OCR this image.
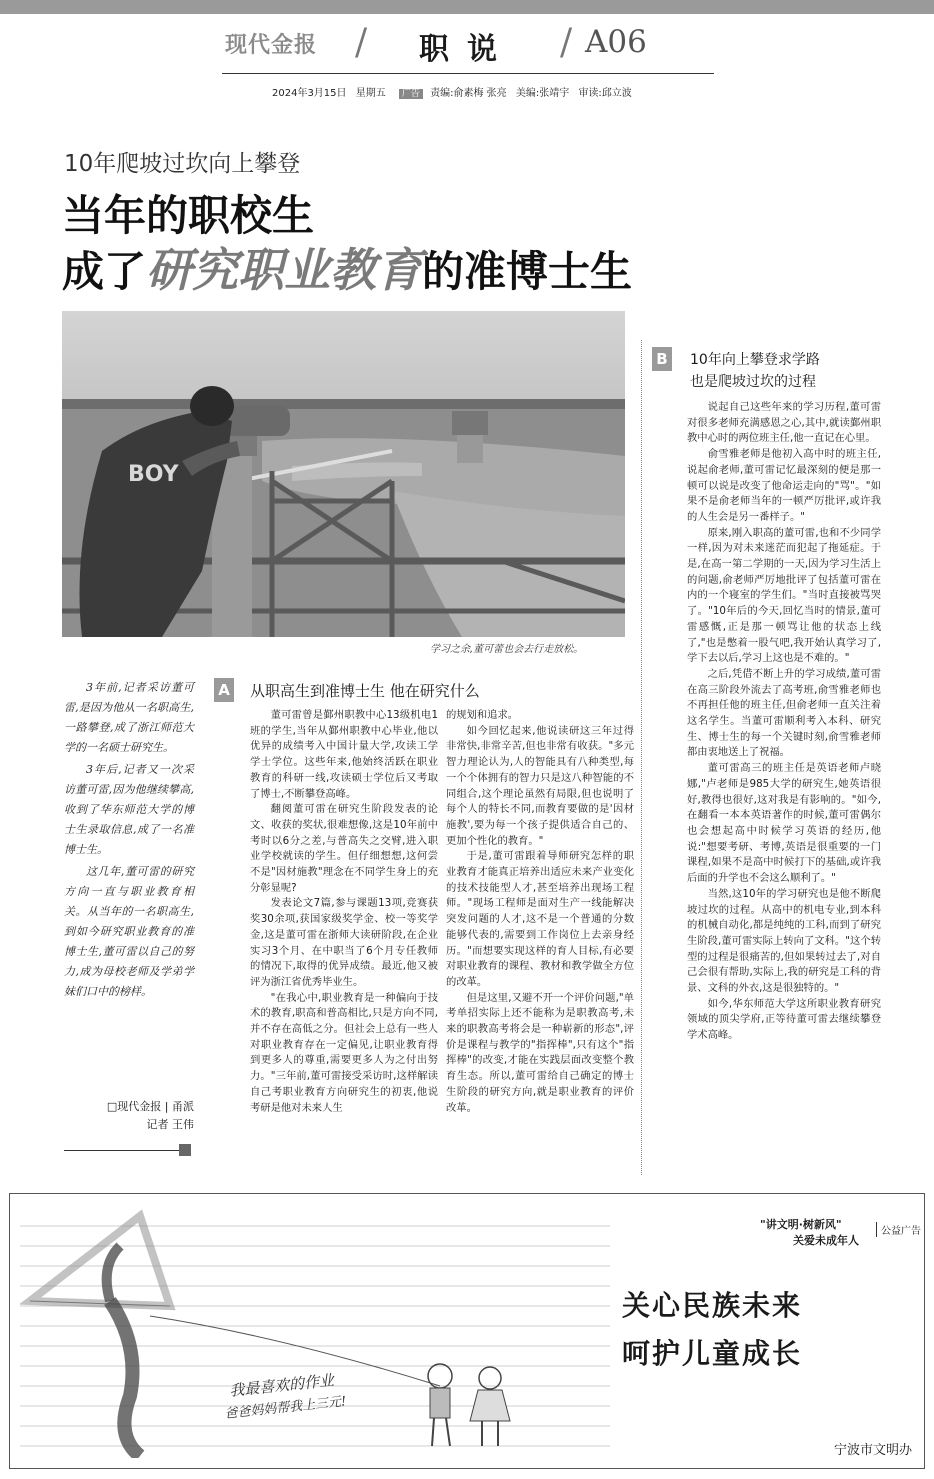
现代金报 / 职说 / A06
2024年3月15日 星期五 广告 责编:俞素梅 张亮 美编:张靖宇 审读:邱立波
10年爬坡过坎向上攀登
当年的职校生
成了研究职业教育的准博士生
BOY
学习之余,董可蕾也会去行走放松。
B	10年向上攀登求学路
也是爬坡过坎的过程

说起自己这些年来的学习历程,董可雷对很多老师充满感恩之心,其中,就读鄞州职教中心时的两位班主任,他一直记在心里。

俞雪雅老师是他初入高中时的班主任,说起俞老师,董可雷记忆最深刻的便是那一顿可以说是改变了他命运走向的"骂"。"如果不是俞老师当年的一顿严厉批评,或许我的人生会是另一番样子。"

原来,刚入职高的董可雷,也和不少同学一样,因为对未来迷茫而犯起了拖延症。于是,在高一第二学期的一天,因为学习生活上的问题,俞老师严厉地批评了包括董可雷在内的一个寝室的学生们。"当时直接被骂哭了。"10年后的今天,回忆当时的情景,董可雷感慨,正是那一顿骂让他的状态上线了,"也是憋着一股气吧,我开始认真学习了,学下去以后,学习上这也是不难的。"

之后,凭借不断上升的学习成绩,董可雷在高三阶段外流去了高考班,俞雪雅老师也不再担任他的班主任,但俞老师一直关注着这名学生。当董可雷顺利考入本科、研究生、博士生的每一个关键时刻,俞雪雅老师都由衷地送上了祝福。

董可雷高三的班主任是英语老师卢晓娜,"卢老师是985大学的研究生,她英语很好,教得也很好,这对我是有影响的。"如今,在翻看一本本英语著作的时候,董可雷偶尔也会想起高中时候学习英语的经历,他说:"想要考研、考博,英语是很重要的一门课程,如果不是高中时候打下的基础,或许我后面的升学也不会这么顺利了。"

当然,这10年的学习研究也是他不断爬坡过坎的过程。从高中的机电专业,到本科的机械自动化,都是纯纯的工科,而到了研究生阶段,董可雷实际上转向了文科。"这个转型的过程是很痛苦的,但如果转过去了,对自己会很有帮助,实际上,我的研究是工科的背景、文科的外衣,这是很独特的。"

如今,华东师范大学这所职业教育研究领域的顶尖学府,正等待董可雷去继续攀登学术高峰。

3年前,记者采访董可雷,是因为他从一名职高生,一路攀登,成了浙江师范大学的一名硕士研究生。

3年后,记者又一次采访董可雷,因为他继续攀高,收到了华东师范大学的博士生录取信息,成了一名准博士生。

这几年,董可雷的研究方向一直与职业教育相关。从当年的一名职高生,到如今研究职业教育的准博士生,董可雷以自己的努力,成为母校老师及学弟学妹们口中的榜样。

□现代金报 | 甬派
记者 王伟
A 从职高生到准博士生 他在研究什么

董可雷曾是鄞州职教中心13级机电1班的学生,当年从鄞州职教中心毕业,他以优异的成绩考入中国计量大学,攻读工学学士学位。这些年来,他始终活跃在职业教育的科研一线,攻读硕士学位后又考取了博士,不断攀登高峰。

翻阅董可雷在研究生阶段发表的论文、收获的奖状,很难想像,这是10年前中考时以6分之差,与普高失之交臂,进入职业学校就读的学生。但仔细想想,这何尝不是"因材施教"理念在不同学生身上的充分彰显呢?

发表论文7篇,参与课题13项,竞赛获奖30余项,获国家级奖学金、校一等奖学金,这是董可雷在浙师大读研阶段,在企业实习3个月、在中职当了6个月专任教师的情况下,取得的优异成绩。最近,他又被评为浙江省优秀毕业生。

"在我心中,职业教育是一种偏向于技术的教育,职高和普高相比,只是方向不同,并不存在高低之分。但社会上总有一些人对职业教育存在一定偏见,让职业教育得到更多人的尊重,需要更多人为之付出努力。"三年前,董可雷接受采访时,这样解读自己考职业教育方向研究生的初衷,他说考研是他对未来人生

的规划和追求。

如今回忆起来,他说读研这三年过得非常快,非常辛苦,但也非常有收获。"多元智力理论认为,人的智能具有八种类型,每一个个体拥有的智力只是这八种智能的不同组合,这个理论虽然有局限,但也说明了每个人的特长不同,而教育要做的是'因材施教',要为每一个孩子提供适合自己的、更加个性化的教育。"

于是,董可雷跟着导师研究怎样的职业教育才能真正培养出适应未来产业变化的技术技能型人才,甚至培养出现场工程师。"现场工程师是面对生产一线能解决突发问题的人才,这不是一个普通的分数能够代表的,需要到工作岗位上去亲身经历。"而想要实现这样的育人目标,有必要对职业教育的课程、教材和教学做全方位的改革。

但是这里,又避不开一个评价问题,"单考单招实际上还不能称为是职教高考,未来的职教高考将会是一种崭新的形态",评价是课程与教学的"指挥棒",只有这个"指挥棒"的改变,才能在实践层面改变整个教育生态。所以,董可雷给自己确定的博士生阶段的研究方向,就是职业教育的评价改革。

我最喜欢的作业
爸爸妈妈帮我上三元!
"讲文明·树新风"
关爱未成年人
公益广告
关心民族未来
呵护儿童成长
宁波市文明办
